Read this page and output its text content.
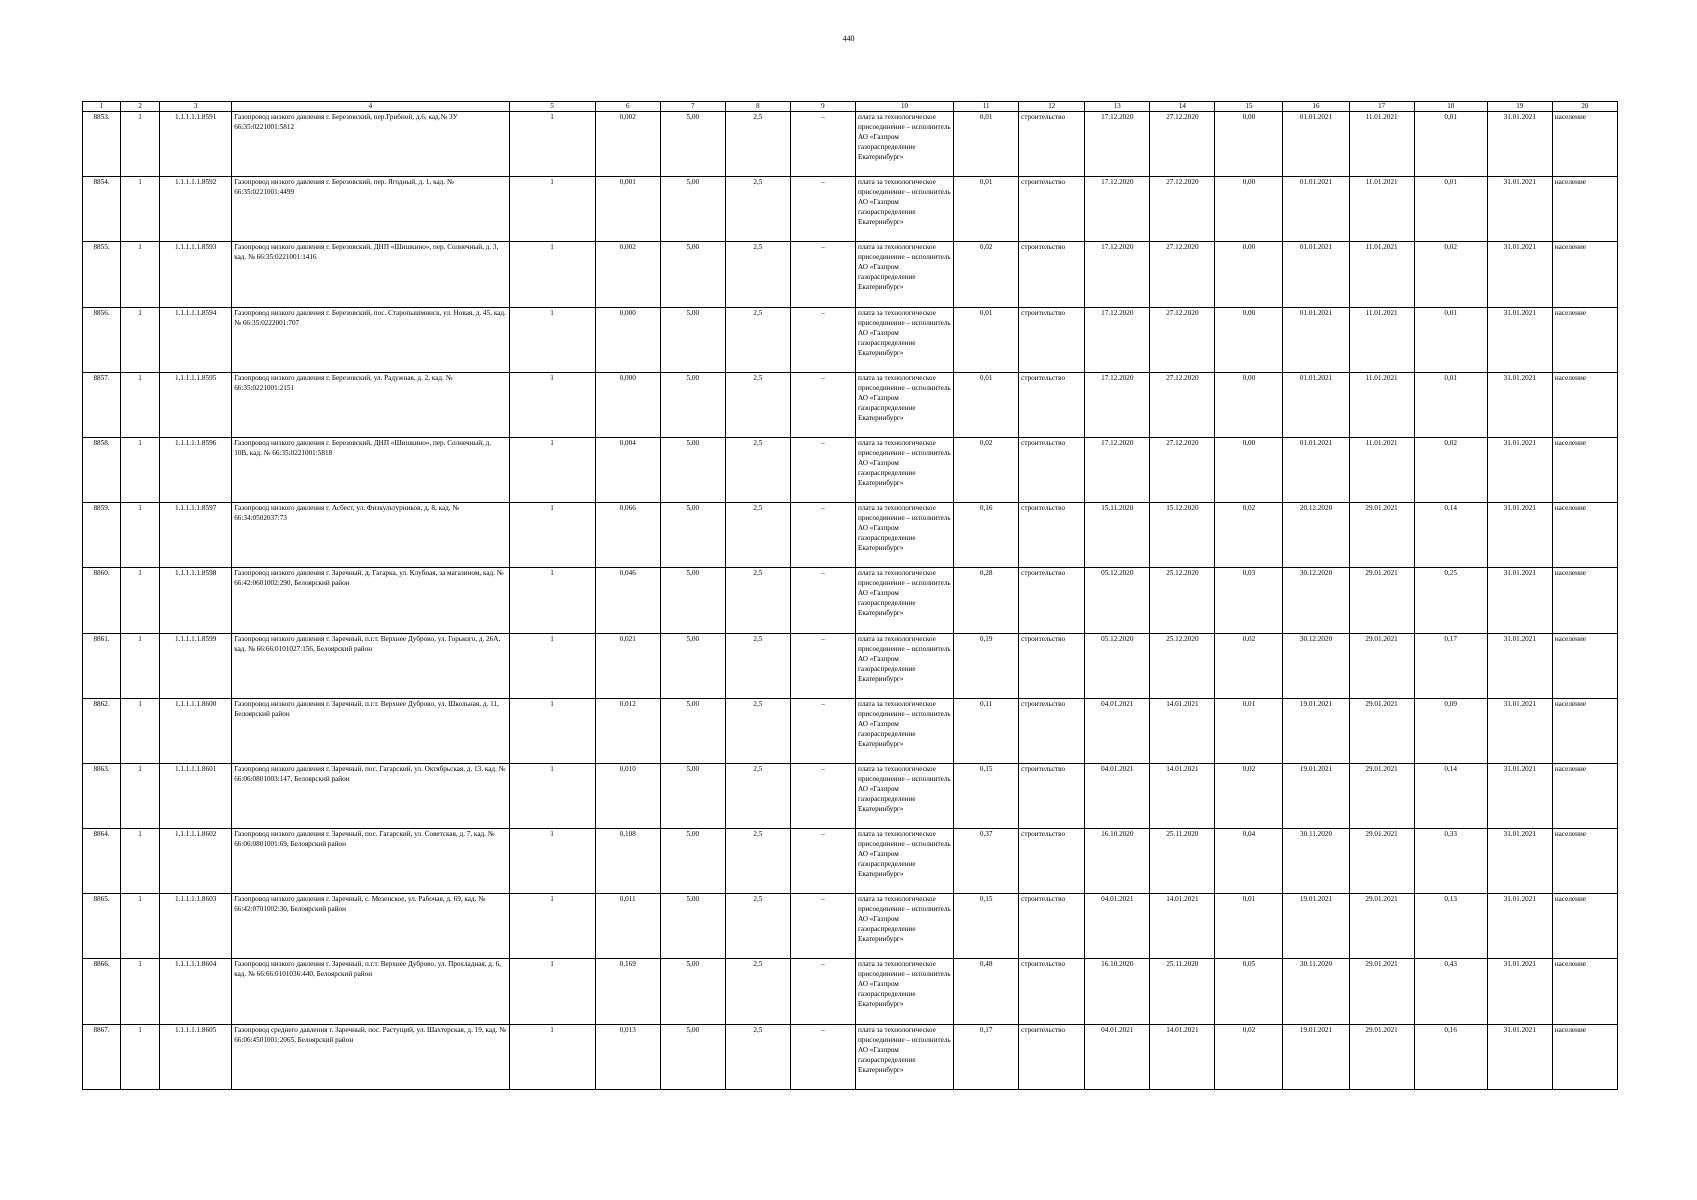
440
1	2	3	4	5	6	7	8	9	10	11	12	13	14	15	16	17	18	19	20
8853.	1	1.1.1.1.1.8591	Газопровод низкого давления г. Березовский, пер.Грибной, д.6, кад.№ ЗУ 66:35:0221001:5812	1	0,002	5,00	2,5	–	плата за технологическое присоединение – исполнитель АО «Газпром газораспределение Екатеринбург»	0,01	строительство	17.12.2020	27.12.2020	0,00	01.01.2021	11.01.2021	0,01	31.01.2021	население
8854.	1	1.1.1.1.1.8592	Газопровод низкого давления г. Березовский, пер. Ягодный, д. 1, кад. № 66:35:0221001:4499	1	0,001	5,00	2,5	–	плата за технологическое присоединение – исполнитель АО «Газпром газораспределение Екатеринбург»	0,01	строительство	17.12.2020	27.12.2020	0,00	01.01.2021	11.01.2021	0,01	31.01.2021	население
8855.	1	1.1.1.1.1.8593	Газопровод низкого давления г. Березовский, ДНП «Шишкино», пер. Солнечный, д. 3, кад. № 66:35:0221001:1416	1	0,002	5,00	2,5	–	плата за технологическое присоединение – исполнитель АО «Газпром газораспределение Екатеринбург»	0,02	строительство	17.12.2020	27.12.2020	0,00	01.01.2021	11.01.2021	0,02	31.01.2021	население
8856.	1	1.1.1.1.1.8594	Газопровод низкого давления г. Березовский, пос. Старопышминск, ул. Новая, д. 45, кад. № 66:35:0222001:707	1	0,000	5,00	2,5	–	плата за технологическое присоединение – исполнитель АО «Газпром газораспределение Екатеринбург»	0,01	строительство	17.12.2020	27.12.2020	0,00	01.01.2021	11.01.2021	0,01	31.01.2021	население
8857.	1	1.1.1.1.1.8595	Газопровод низкого давления г. Березовский, ул. Радужная, д. 2, кад. № 66:35:0221001:2151	1	0,000	5,00	2,5	–	плата за технологическое присоединение – исполнитель АО «Газпром газораспределение Екатеринбург»	0,01	строительство	17.12.2020	27.12.2020	0,00	01.01.2021	11.01.2021	0,01	31.01.2021	население
8858.	1	1.1.1.1.1.8596	Газопровод низкого давления г. Березовский, ДНП «Шишкино», пер. Солнечный, д. 10В, кад. № 66:35:0221001:5818	1	0,004	5,00	2,5	–	плата за технологическое присоединение – исполнитель АО «Газпром газораспределение Екатеринбург»	0,02	строительство	17.12.2020	27.12.2020	0,00	01.01.2021	11.01.2021	0,02	31.01.2021	население
8859.	1	1.1.1.1.1.8597	Газопровод низкого давления г. Асбест, ул. Физкультурников, д. 8, кад. № 66:34:0502037:73	1	0,066	5,00	2,5	–	плата за технологическое присоединение – исполнитель АО «Газпром газораспределение Екатеринбург»	0,16	строительство	15.11.2020	15.12.2020	0,02	20.12.2020	29.01.2021	0,14	31.01.2021	население
8860.	1	1.1.1.1.1.8598	Газопровод низкого давления г. Заречный, д. Гагарка, ул. Клубная, за магазином, кад. № 66:42:0601002:290, Белоярский район	1	0,046	5,00	2,5	–	плата за технологическое присоединение – исполнитель АО «Газпром газораспределение Екатеринбург»	0,28	строительство	05.12.2020	25.12.2020	0,03	30.12.2020	29.01.2021	0,25	31.01.2021	население
8861.	1	1.1.1.1.1.8599	Газопровод низкого давления г. Заречный, п.г.т. Верхнее Дуброво, ул. Горького, д. 26А, кад. № 66:66:0101027:156, Белоярский район	1	0,021	5,00	2,5	–	плата за технологическое присоединение – исполнитель АО «Газпром газораспределение Екатеринбург»	0,19	строительство	05.12.2020	25.12.2020	0,02	30.12.2020	29.01.2021	0,17	31.01.2021	население
8862.	1	1.1.1.1.1.8600	Газопровод низкого давления г. Заречный, п.г.т. Верхнее Дуброво, ул. Школьная, д. 11, Белоярский район	1	0,012	5,00	2,5	–	плата за технологическое присоединение – исполнитель АО «Газпром газораспределение Екатеринбург»	0,11	строительство	04.01.2021	14.01.2021	0,01	19.01.2021	29.01.2021	0,09	31.01.2021	население
8863.	1	1.1.1.1.1.8601	Газопровод низкого давления г. Заречный, пос. Гагарский, ул. Октябрьская, д. 13, кад. № 66:06:0801003:147, Белоярский район	1	0,010	5,00	2,5	–	плата за технологическое присоединение – исполнитель АО «Газпром газораспределение Екатеринбург»	0,15	строительство	04.01.2021	14.01.2021	0,02	19.01.2021	29.01.2021	0,14	31.01.2021	население
8864.	1	1.1.1.1.1.8602	Газопровод низкого давления г. Заречный, пос. Гагарский, ул. Советская, д. 7, кад. № 66:06:0801001:69, Белоярский район	1	0,108	5,00	2,5	–	плата за технологическое присоединение – исполнитель АО «Газпром газораспределение Екатеринбург»	0,37	строительство	16.10.2020	25.11.2020	0,04	30.11.2020	29.01.2021	0,33	31.01.2021	население
8865.	1	1.1.1.1.1.8603	Газопровод низкого давления г. Заречный, с. Мезенское, ул. Рабочая, д. 69, кад. № 66:42:0701002:30, Белоярский район	1	0,011	5,00	2,5	–	плата за технологическое присоединение – исполнитель АО «Газпром газораспределение Екатеринбург»	0,15	строительство	04.01.2021	14.01.2021	0,01	19.01.2021	29.01.2021	0,13	31.01.2021	население
8866.	1	1.1.1.1.1.8604	Газопровод низкого давления г. Заречный, п.г.т. Верхнее Дуброво, ул. Прохладная, д. 6, кад. № 66:66:0101036:440, Белоярский район	1	0,169	5,00	2,5	–	плата за технологическое присоединение – исполнитель АО «Газпром газораспределение Екатеринбург»	0,48	строительство	16.10.2020	25.11.2020	0,05	30.11.2020	29.01.2021	0,43	31.01.2021	население
8867.	1	1.1.1.1.1.8605	Газопровод среднего давления г. Заречный, пос. Растущий, ул. Шахтерская, д. 19, кад. № 66:06:4501001:2065, Белоярский район	1	0,013	5,00	2,5	–	плата за технологическое присоединение – исполнитель АО «Газпром газораспределение Екатеринбург»	0,17	строительство	04.01.2021	14.01.2021	0,02	19.01.2021	29.01.2021	0,16	31.01.2021	население
